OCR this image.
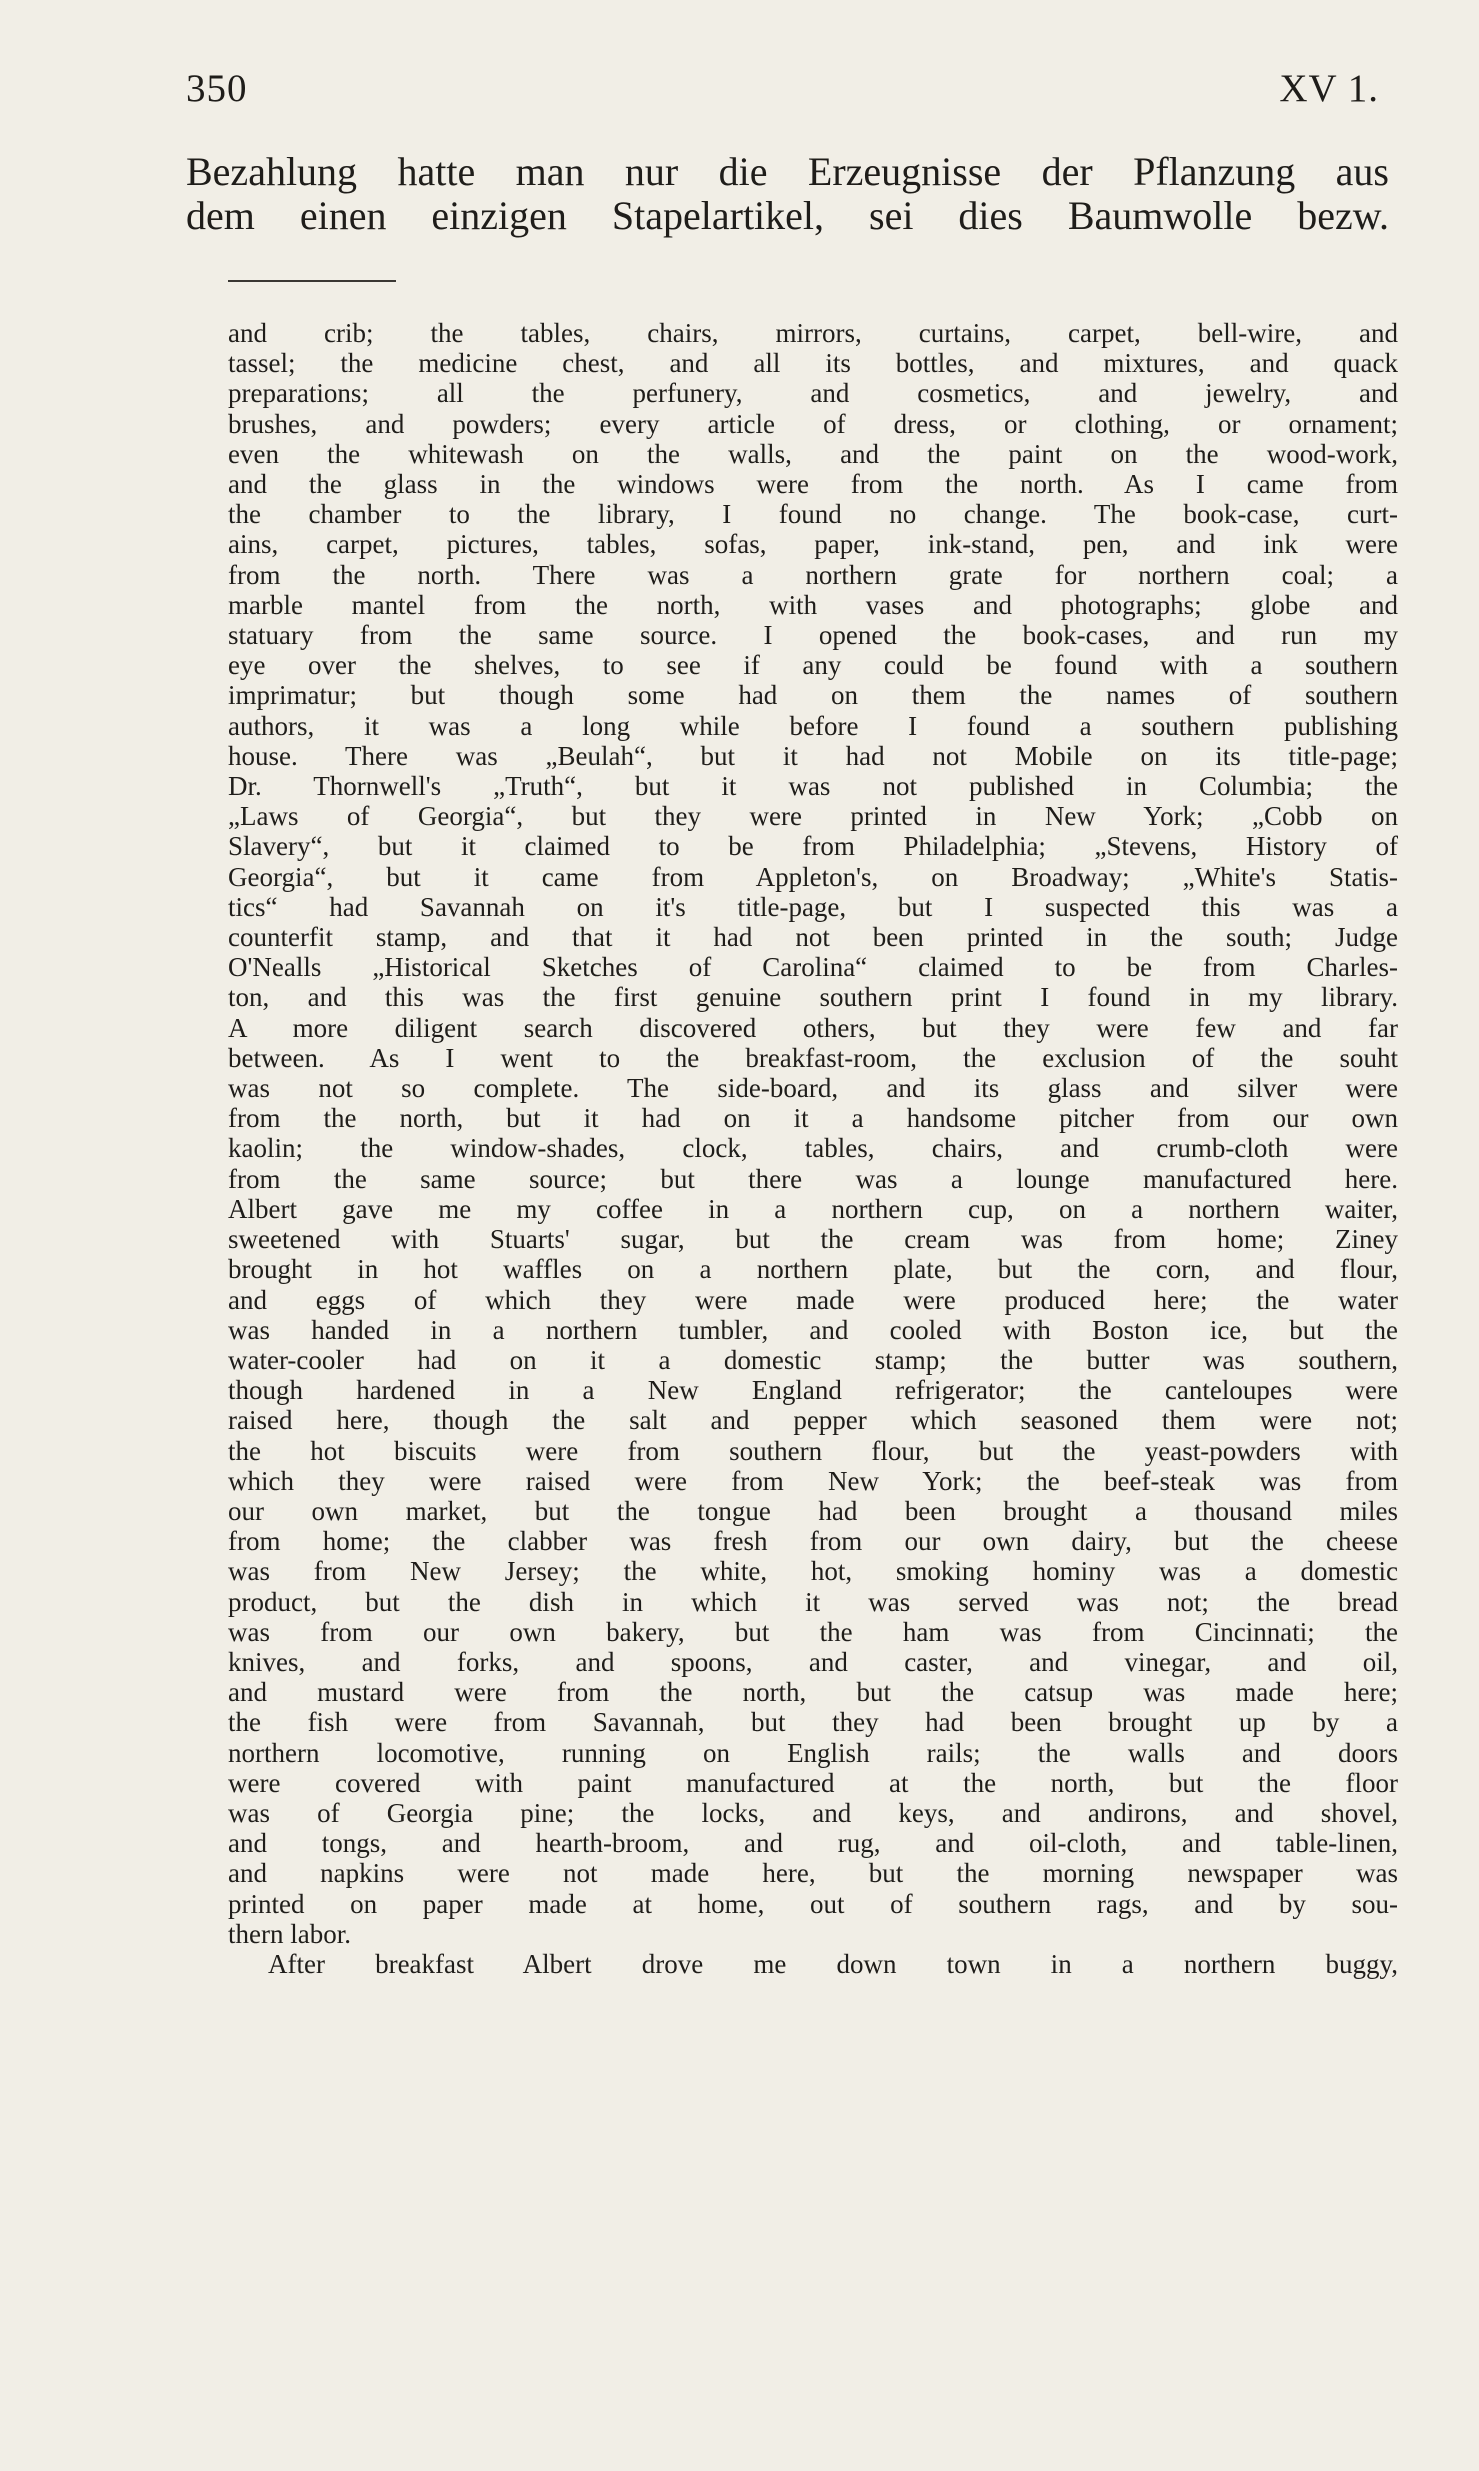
350	XV 1.
Bezahlung hatte man nur die Erzeugnisse der Pflanzung aus
dem einen einzigen Stapelartikel, sei dies Baumwolle bezw.
and crib; the tables, chairs, mirrors, curtains, carpet, bell-wire, and
tassel; the medicine chest, and all its bottles, and mixtures, and quack
preparations; all the perfunery, and cosmetics, and jewelry, and
brushes, and powders; every article of dress, or clothing, or ornament;
even the whitewash on the walls, and the paint on the wood-work,
and the glass in the windows were from the north. As I came from
the chamber to the library, I found no change. The book-case, curt-
ains, carpet, pictures, tables, sofas, paper, ink-stand, pen, and ink were
from the north. There was a northern grate for northern coal; a
marble mantel from the north, with vases and photographs; globe and
statuary from the same source. I opened the book-cases, and run my
eye over the shelves, to see if any could be found with a southern
imprimatur; but though some had on them the names of southern
authors, it was a long while before I found a southern publishing
house. There was „Beulah“, but it had not Mobile on its title-page;
Dr. Thornwell's „Truth“, but it was not published in Columbia; the
„Laws of Georgia“, but they were printed in New York; „Cobb on
Slavery“, but it claimed to be from Philadelphia; „Stevens, History of
Georgia“, but it came from Appleton's, on Broadway; „White's Statis-
tics“ had Savannah on it's title-page, but I suspected this was a
counterfit stamp, and that it had not been printed in the south; Judge
O'Nealls „Historical Sketches of Carolina“ claimed to be from Charles-
ton, and this was the first genuine southern print I found in my library.
A more diligent search discovered others, but they were few and far
between. As I went to the breakfast-room, the exclusion of the souht
was not so complete. The side-board, and its glass and silver were
from the north, but it had on it a handsome pitcher from our own
kaolin; the window-shades, clock, tables, chairs, and crumb-cloth were
from the same source; but there was a lounge manufactured here.
Albert gave me my coffee in a northern cup, on a northern waiter,
sweetened with Stuarts' sugar, but the cream was from home; Ziney
brought in hot waffles on a northern plate, but the corn, and flour,
and eggs of which they were made were produced here; the water
was handed in a northern tumbler, and cooled with Boston ice, but the
water-cooler had on it a domestic stamp; the butter was southern,
though hardened in a New England refrigerator; the canteloupes were
raised here, though the salt and pepper which seasoned them were not;
the hot biscuits were from southern flour, but the yeast-powders with
which they were raised were from New York; the beef-steak was from
our own market, but the tongue had been brought a thousand miles
from home; the clabber was fresh from our own dairy, but the cheese
was from New Jersey; the white, hot, smoking hominy was a domestic
product, but the dish in which it was served was not; the bread
was from our own bakery, but the ham was from Cincinnati; the
knives, and forks, and spoons, and caster, and vinegar, and oil,
and mustard were from the north, but the catsup was made here;
the fish were from Savannah, but they had been brought up by a
northern locomotive, running on English rails; the walls and doors
were covered with paint manufactured at the north, but the floor
was of Georgia pine; the locks, and keys, and andirons, and shovel,
and tongs, and hearth-broom, and rug, and oil-cloth, and table-linen,
and napkins were not made here, but the morning newspaper was
printed on paper made at home, out of southern rags, and by sou-
thern labor.
After breakfast Albert drove me down town in a northern buggy,
